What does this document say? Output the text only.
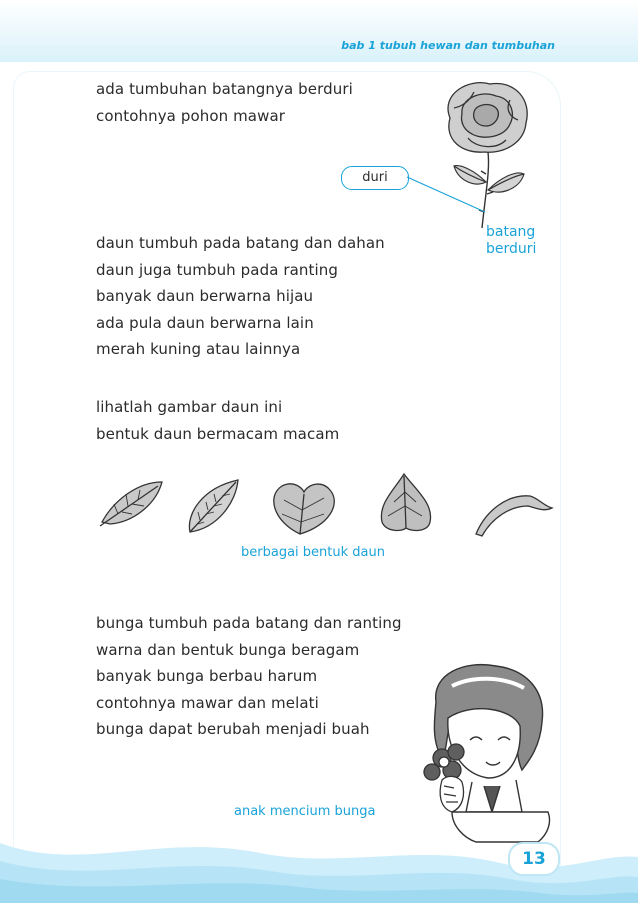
bab 1 tubuh hewan dan tumbuhan
ada tumbuhan batangnya berduri
contohnya pohon mawar
duri
batang
berduri
daun tumbuh pada batang dan dahan
daun juga tumbuh pada ranting
banyak daun berwarna hijau
ada pula daun berwarna lain
merah kuning atau lainnya
lihatlah gambar daun ini
bentuk daun bermacam macam
berbagai bentuk daun
bunga tumbuh pada batang dan ranting
warna dan bentuk bunga beragam
banyak bunga berbau harum
contohnya mawar dan melati
bunga dapat berubah menjadi buah
anak mencium bunga
13
